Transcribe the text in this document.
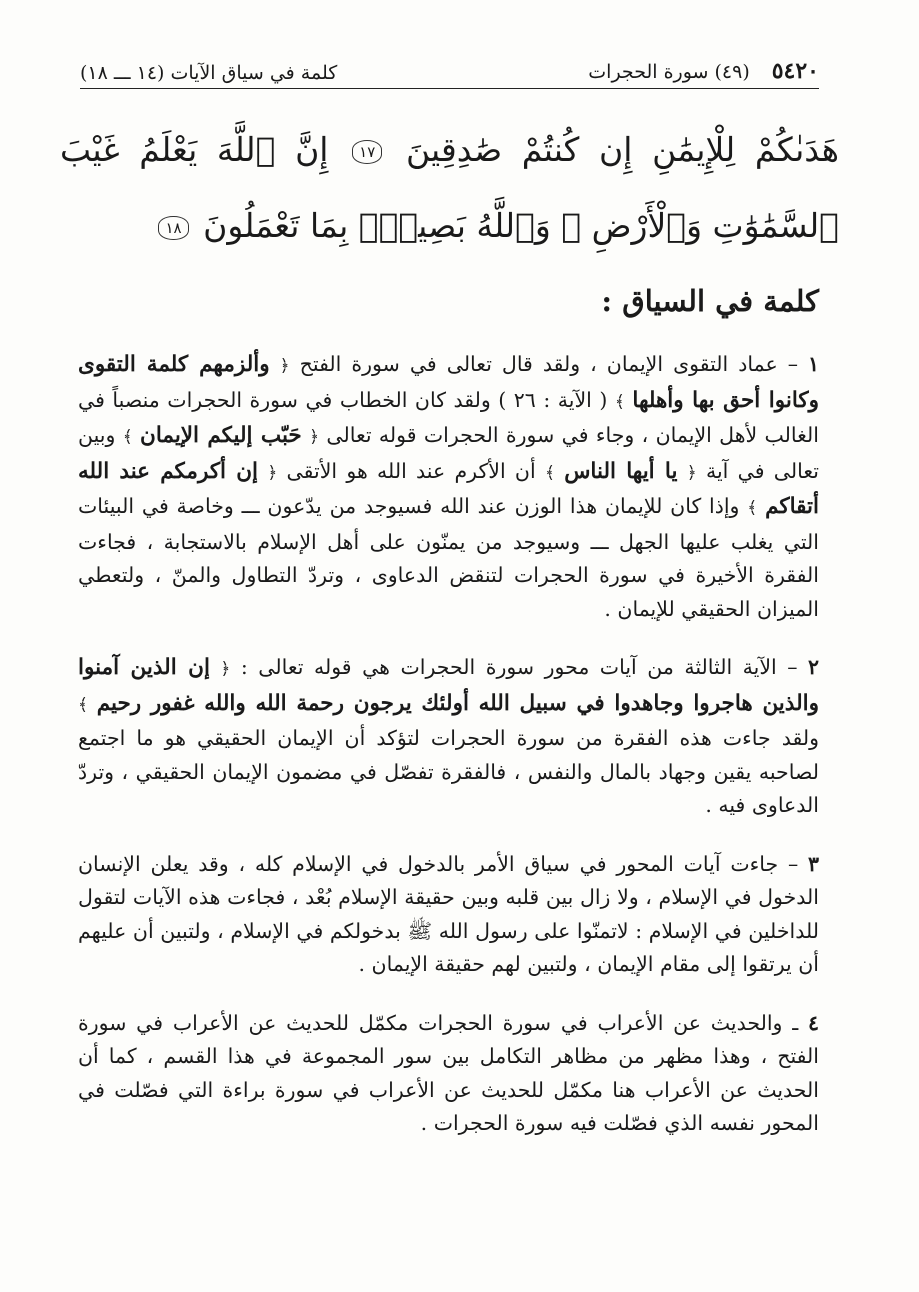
٥٤٢٠
(٤٩) سورة الحجرات
كلمة في سياق الآيات (١٤ ـــ ١٨)
هَدَىٰكُمْ لِلْإِيمَٰنِ إِن كُنتُمْ صَٰدِقِينَ ١٧ إِنَّ ٱللَّهَ يَعْلَمُ غَيْبَ ٱلسَّمَٰوَٰتِ وَٱلْأَرْضِ ۚ وَٱللَّهُ بَصِيرٌۢ بِمَا تَعْمَلُونَ ١٨
كلمة في السياق :

١ – عماد التقوى الإيمان ، ولقد قال تعالى في سورة الفتح ﴿ وألزمهم كلمة التقوى وكانوا أحق بها وأهلها ﴾ ( الآية : ٢٦ ) ولقد كان الخطاب في سورة الحجرات منصباً في الغالب لأهل الإيمان ، وجاء في سورة الحجرات قوله تعالى ﴿ حَبّب إليكم الإيمان ﴾ وبين تعالى في آية ﴿ يا أيها الناس ﴾ أن الأكرم عند الله هو الأتقى ﴿ إن أكرمكم عند الله أتقاكم ﴾ وإذا كان للإيمان هذا الوزن عند الله فسيوجد من يدّعون ـــ وخاصة في البيئات التي يغلب عليها الجهل ـــ وسيوجد من يمنّون على أهل الإسلام بالاستجابة ، فجاءت الفقرة الأخيرة في سورة الحجرات لتنقض الدعاوى ، وتردّ التطاول والمنّ ، ولتعطي الميزان الحقيقي للإيمان .

٢ – الآية الثالثة من آيات محور سورة الحجرات هي قوله تعالى : ﴿ إن الذين آمنوا والذين هاجروا وجاهدوا في سبيل الله أولئك يرجون رحمة الله والله غفور رحيم ﴾ ولقد جاءت هذه الفقرة من سورة الحجرات لتؤكد أن الإيمان الحقيقي هو ما اجتمع لصاحبه يقين وجهاد بالمال والنفس ، فالفقرة تفصّل في مضمون الإيمان الحقيقي ، وتردّ الدعاوى فيه .

٣ – جاءت آيات المحور في سياق الأمر بالدخول في الإسلام كله ، وقد يعلن الإنسان الدخول في الإسلام ، ولا زال بين قلبه وبين حقيقة الإسلام بُعْد ، فجاءت هذه الآيات لتقول للداخلين في الإسلام : لاتمنّوا على رسول الله ﷺ بدخولكم في الإسلام ، ولتبين أن عليهم أن يرتقوا إلى مقام الإيمان ، ولتبين لهم حقيقة الإيمان .

٤ ـ والحديث عن الأعراب في سورة الحجرات مكمّل للحديث عن الأعراب في سورة الفتح ، وهذا مظهر من مظاهر التكامل بين سور المجموعة في هذا القسم ، كما أن الحديث عن الأعراب هنا مكمّل للحديث عن الأعراب في سورة براءة التي فصّلت في المحور نفسه الذي فصّلت فيه سورة الحجرات .
